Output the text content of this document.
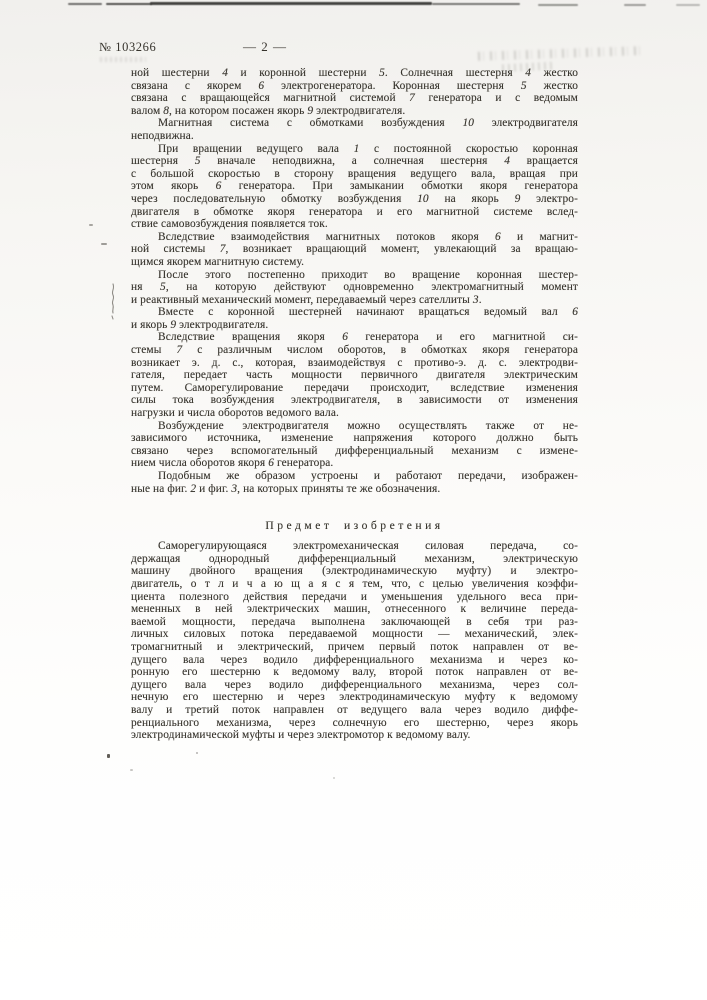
№ 103266	— 2 —
ной шестерни 4 и коронной шестерни 5. Солнечная шестерня 4 жестко
связана с якорем 6 электрогенератора. Коронная шестерня 5 жестко
связана с вращающейся магнитной системой 7 генератора и с ведомым
валом 8, на котором посажен якорь 9 электродвигателя.
Магнитная система с обмотками возбуждения 10 электродвигателя
неподвижна.
При вращении ведущего вала 1 с постоянной скоростью коронная
шестерня 5 вначале неподвижна, а солнечная шестерня 4 вращается
с большой скоростью в сторону вращения ведущего вала, вращая при
этом якорь 6 генератора. При замыкании обмотки якоря генератора
через последовательную обмотку возбуждения 10 на якорь 9 электро-
двигателя в обмотке якоря генератора и его магнитной системе вслед-
ствие самовозбуждения появляется ток.
Вследствие взаимодействия магнитных потоков якоря 6 и магнит-
ной системы 7, возникает вращающий момент, увлекающий за вращаю-
щимся якорем магнитную систему.
После этого постепенно приходит во вращение коронная шестер-
ня 5, на которую действуют одновременно электромагнитный момент
и реактивный механический момент, передаваемый через сателлиты 3.
Вместе с коронной шестерней начинают вращаться ведомый вал 6
и якорь 9 электродвигателя.
Вследствие вращения якоря 6 генератора и его магнитной си-
стемы 7 с различным числом оборотов, в обмотках якоря генератора
возникает э. д. с., которая, взаимодействуя с противо-э. д. с. электродви-
гателя, передает часть мощности первичного двигателя электрическим
путем. Саморегулирование передачи происходит, вследствие изменения
силы тока возбуждения электродвигателя, в зависимости от изменения
нагрузки и числа оборотов ведомого вала.
Возбуждение электродвигателя можно осуществлять также от не-
зависимого источника, изменение напряжения которого должно быть
связано через вспомогательный дифференциальный механизм с измене-
нием числа оборотов якоря 6 генератора.
Подобным же образом устроены и работают передачи, изображен-
ные на фиг. 2 и фиг. 3, на которых приняты те же обозначения.
Предмет изобретения
Саморегулирующаяся электромеханическая силовая передача, со-
держащая однородный дифференциальный механизм, электрическую
машину двойного вращения (электродинамическую муфту) и электро-
двигатель, о т л и ч а ю щ а я с я тем, что, с целью увеличения коэффи-
циента полезного действия передачи и уменьшения удельного веса при-
мененных в ней электрических машин, отнесенного к величине переда-
ваемой мощности, передача выполнена заключающей в себя три раз-
личных силовых потока передаваемой мощности — механический, элек-
тромагнитный и электрический, причем первый поток направлен от ве-
дущего вала через водило дифференциального механизма и через ко-
ронную его шестерню к ведомому валу, второй поток направлен от ве-
дущего вала через водило дифференциального механизма, через сол-
нечную его шестерню и через электродинамическую муфту к ведомому
валу и третий поток направлен от ведущего вала через водило диффе-
ренциального механизма, через солнечную его шестерню, через якорь
электродинамической муфты и через электромотор к ведомому валу.
